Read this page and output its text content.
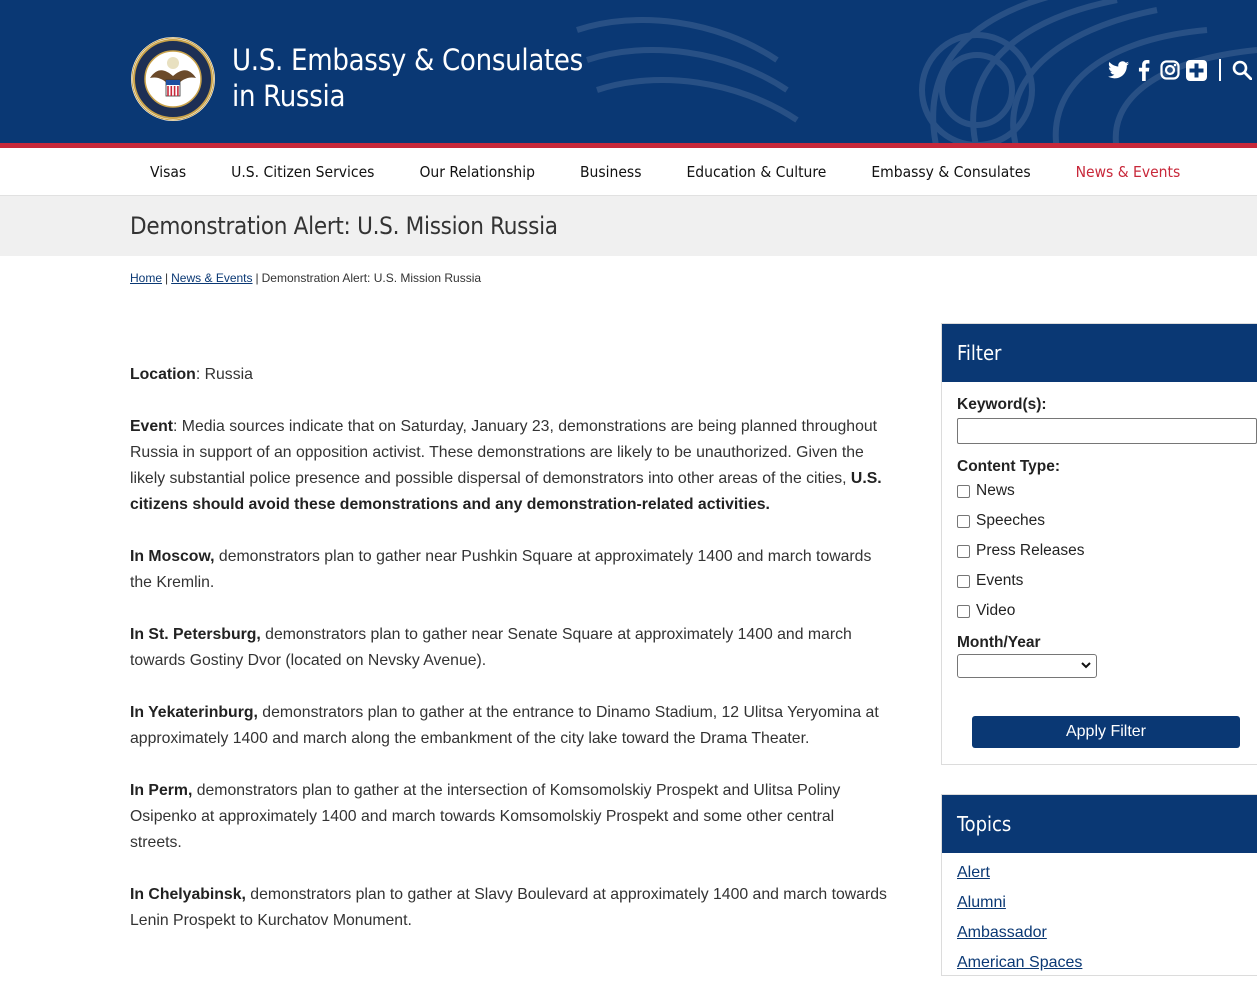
U.S. Embassy & Consulates
in Russia
Visas	U.S. Citizen Services	Our Relationship	Business	Education & Culture	Embassy & Consulates	News & Events
Demonstration Alert: U.S. Mission Russia
Home | News & Events | Demonstration Alert: U.S. Mission Russia

Location: Russia

Event: Media sources indicate that on Saturday, January 23, demonstrations are being planned throughout Russia in support of an opposition activist. These demonstrations are likely to be unauthorized. Given the likely substantial police presence and possible dispersal of demonstrators into other areas of the cities, U.S. citizens should avoid these demonstrations and any demonstration-related activities.

In Moscow, demonstrators plan to gather near Pushkin Square at approximately 1400 and march towards the Kremlin.

In St. Petersburg, demonstrators plan to gather near Senate Square at approximately 1400 and march towards Gostiny Dvor (located on Nevsky Avenue).

In Yekaterinburg, demonstrators plan to gather at the entrance to Dinamo Stadium, 12 Ulitsa Yeryomina at approximately 1400 and march along the embankment of the city lake toward the Drama Theater.

In Perm, demonstrators plan to gather at the intersection of Komsomolskiy Prospekt and Ulitsa Poliny Osipenko at approximately 1400 and march towards Komsomolskiy Prospekt and some other central streets.

In Chelyabinsk, demonstrators plan to gather at Slavy Boulevard at approximately 1400 and march towards Lenin Prospekt to Kurchatov Monument.

Filter
Keyword(s):
Content Type:
News
Speeches
Press Releases
Events
Video
Month/Year
Apply Filter
Topics
Alert
Alumni
Ambassador
American Spaces
